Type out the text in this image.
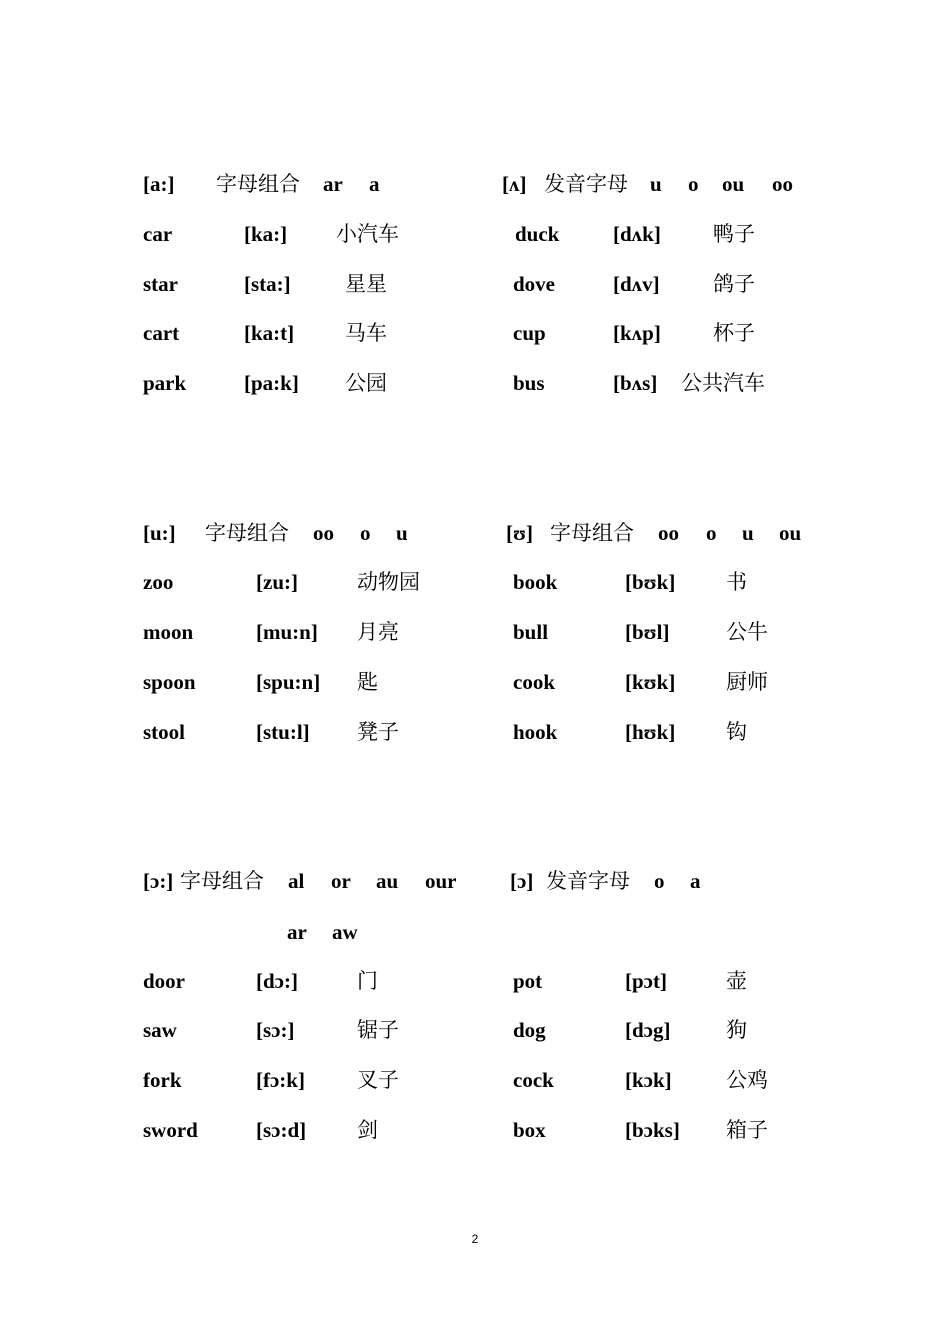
[a:] 字母组合 ar a	[ʌ] 发音字母 u o ou oo
car	[ka:] 小汽车
star	[sta:]	星星
cart	[ka:t] 马车
park	[pa:k] 公园
duck	[dʌk] 鸭子
dove	[dʌv]	鸽子
cup	[kʌp] 杯子
bus	[bʌs] 公共汽车
[u:] 字母组合 oo o u	[ʊ] 字母组合 oo o u ou
zoo	[zu:]	动物园
moon	[mu:n] 月亮
spoon	[spu:n] 匙
stool	[stu:l] 凳子
book	[bʊk] 书
bull	[bʊl]	公牛
cook	[kʊk] 厨师
hook	[hʊk] 钩
[ɔ:] 字母组合 al or au our
ar aw
[ɔ] 发音字母 o a
door	[dɔ:]	门
saw	[sɔ:]	锯子
fork	[fɔ:k] 叉子
sword	[sɔ:d] 剑
pot	[pɔt]	壶
dog	[dɔg]	狗
cock	[kɔk]	公鸡
box	[bɔks] 箱子
2
